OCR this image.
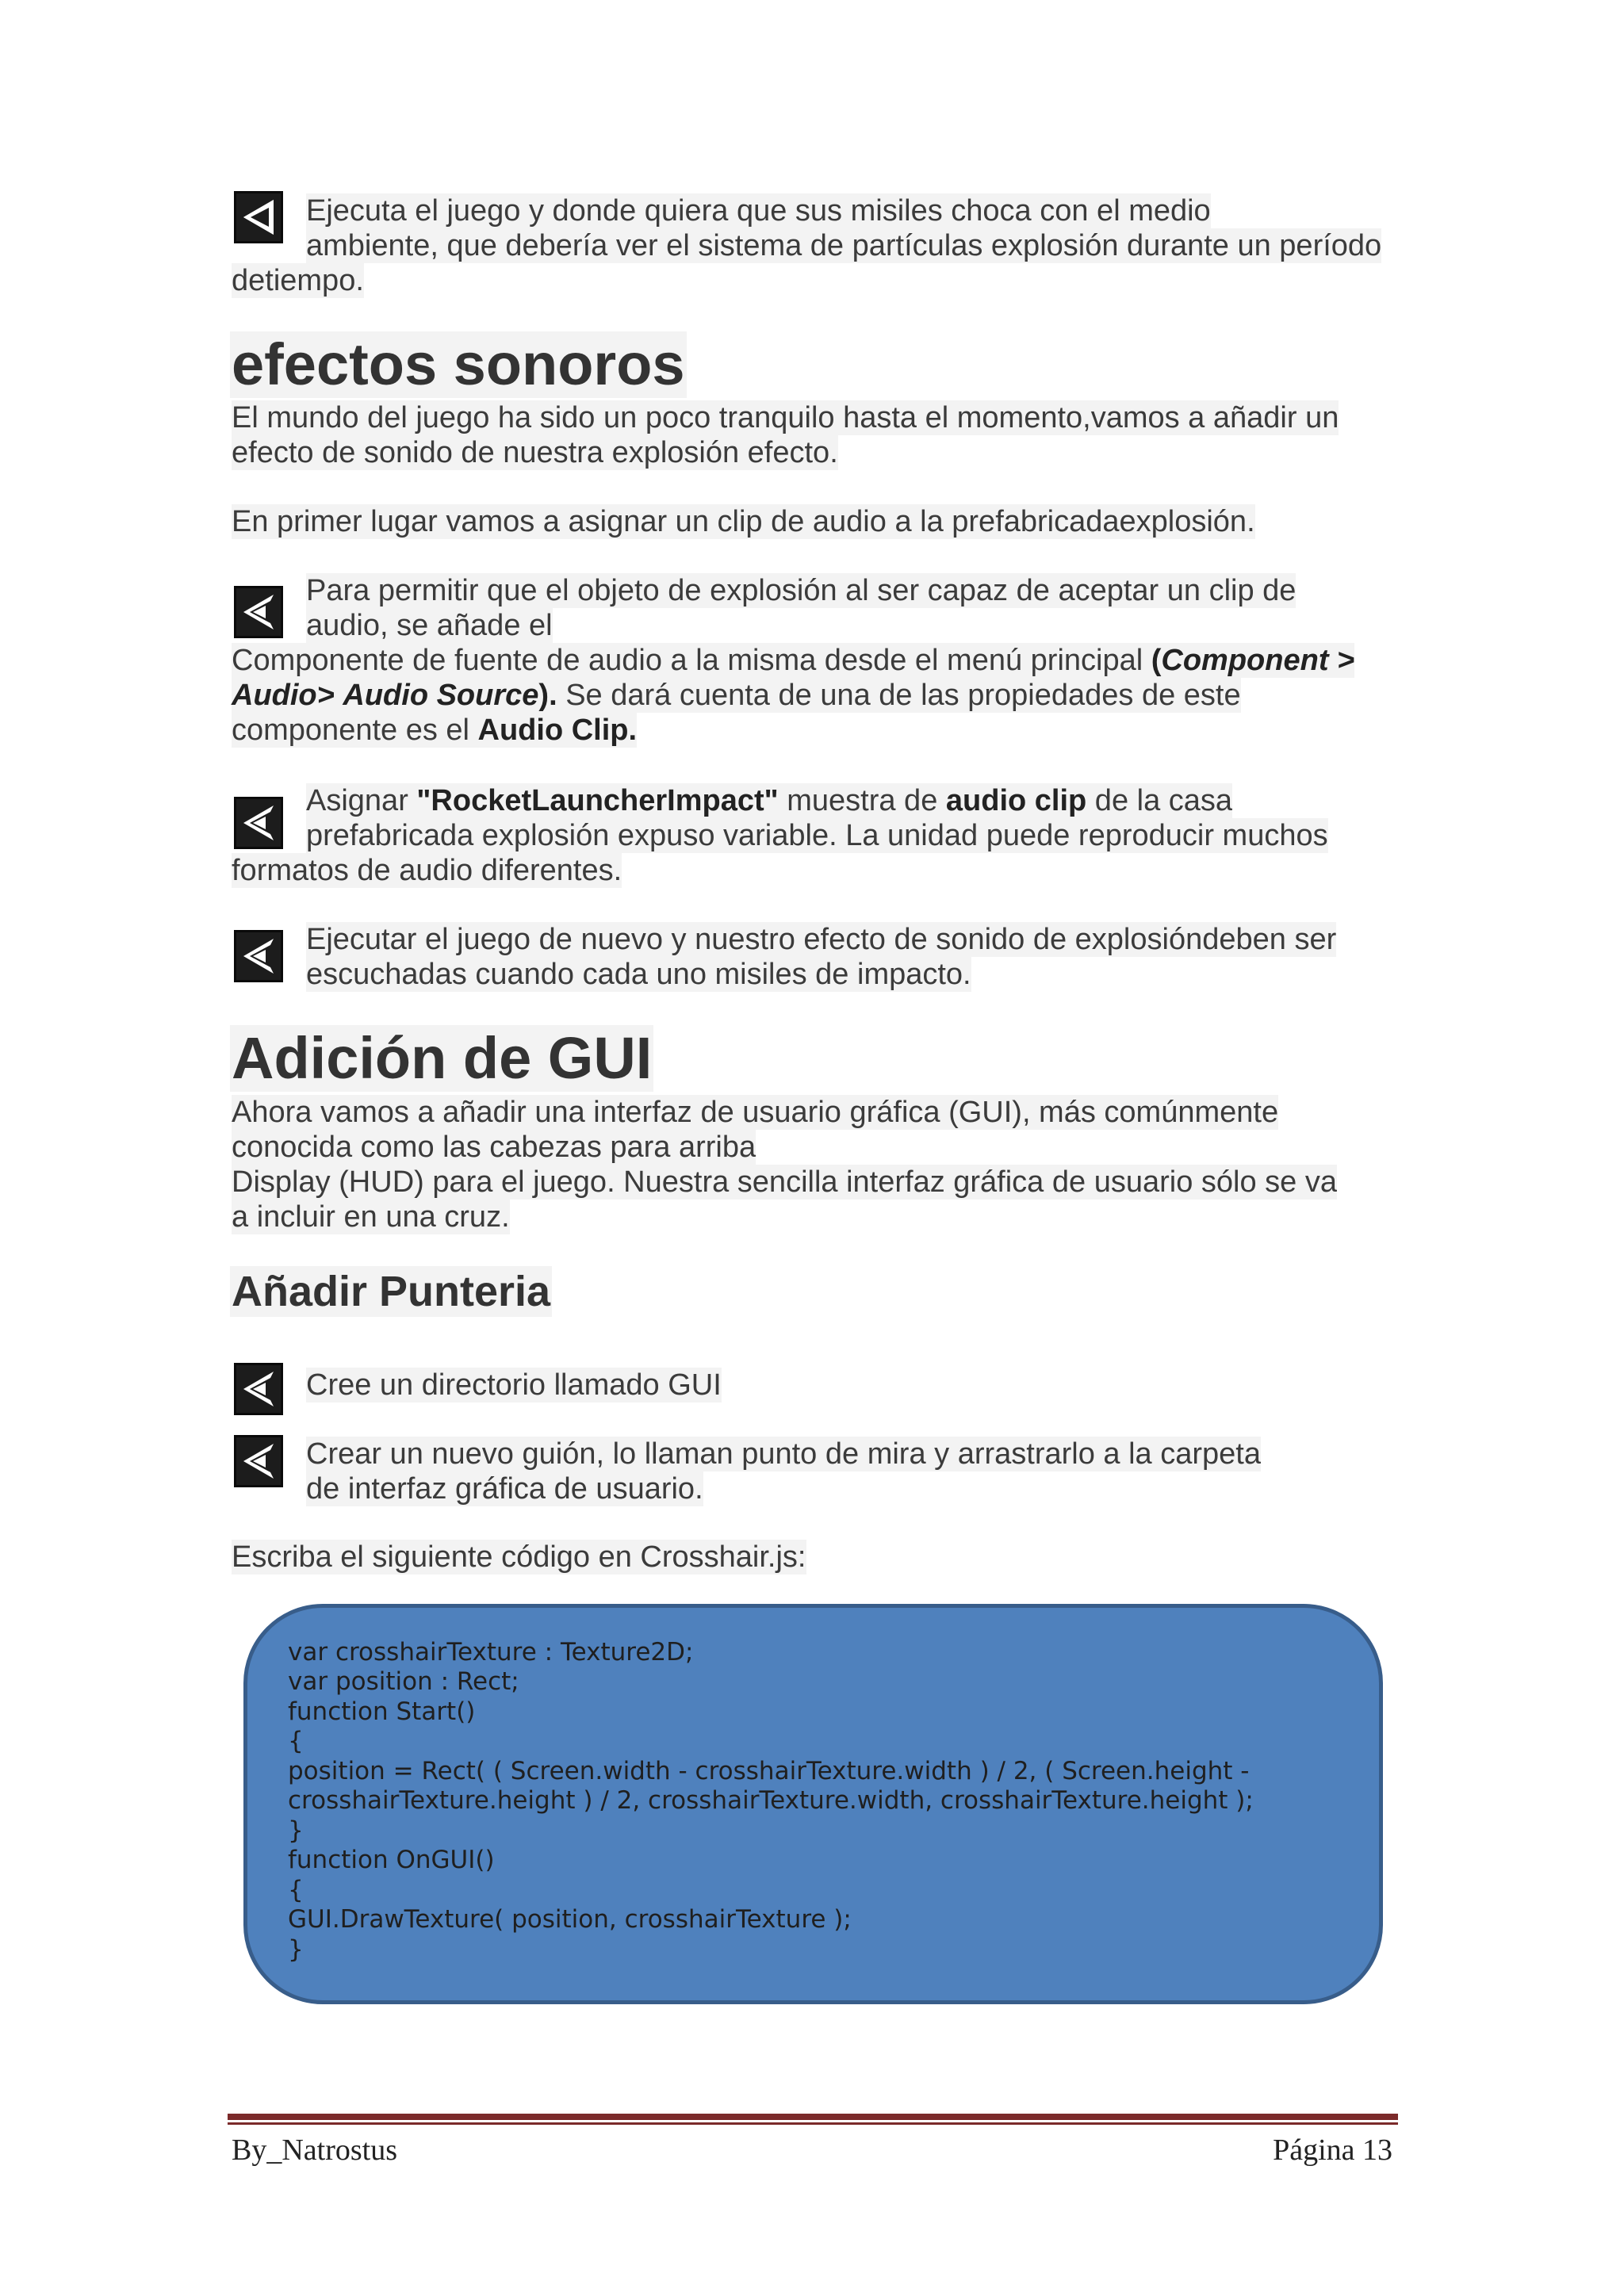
Ejecuta el juego y donde quiera que sus misiles choca con el medio
ambiente, que debería ver el sistema de partículas explosión durante un período
detiempo.
efectos sonoros
El mundo del juego ha sido un poco tranquilo hasta el momento,vamos a añadir un
efecto de sonido de nuestra explosión efecto.
En primer lugar vamos a asignar un clip de audio a la prefabricadaexplosión.
Para permitir que el objeto de explosión al ser capaz de aceptar un clip de
audio, se añade el
Componente de fuente de audio a la misma desde el menú principal (Component >
Audio> Audio Source). Se dará cuenta de una de las propiedades de este
componente es el Audio Clip.
Asignar "RocketLauncherImpact" muestra de audio clip de la casa
prefabricada explosión expuso variable. La unidad puede reproducir muchos
formatos de audio diferentes.
Ejecutar el juego de nuevo y nuestro efecto de sonido de explosióndeben ser
escuchadas cuando cada uno misiles de impacto.
Adición de GUI
Ahora vamos a añadir una interfaz de usuario gráfica (GUI), más comúnmente
conocida como las cabezas para arriba
Display (HUD) para el juego. Nuestra sencilla interfaz gráfica de usuario sólo se va
a incluir en una cruz.
Añadir Punteria
Cree un directorio llamado GUI
Crear un nuevo guión, lo llaman punto de mira y arrastrarlo a la carpeta
de interfaz gráfica de usuario.
Escriba el siguiente código en Crosshair.js:
var crosshairTexture : Texture2D;
var position : Rect;
function Start()
{
position = Rect( ( Screen.width - crosshairTexture.width ) / 2, ( Screen.height -
crosshairTexture.height ) / 2, crosshairTexture.width, crosshairTexture.height );
}
function OnGUI()
{
GUI.DrawTexture( position, crosshairTexture );
}
By_Natrostus	Página 13
